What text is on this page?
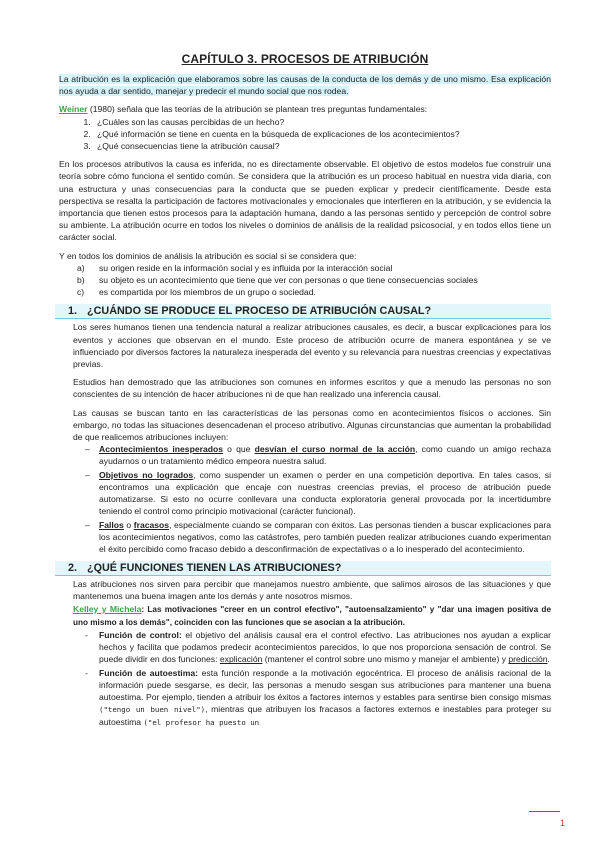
CAPÍTULO 3. PROCESOS DE ATRIBUCIÓN

La atribución es la explicación que elaboramos sobre las causas de la conducta de los demás y de uno mismo. Esa explicación nos ayuda a dar sentido, manejar y predecir el mundo social que nos rodea.

Weiner (1980) señala que las teorías de la atribución se plantean tres preguntas fundamentales:

1. ¿Cuáles son las causas percibidas de un hecho?
2. ¿Qué información se tiene en cuenta en la búsqueda de explicaciones de los acontecimientos?
3. ¿Qué consecuencias tiene la atribución causal?

En los procesos atributivos la causa es inferida, no es directamente observable. El objetivo de estos modelos fue construir una teoría sobre cómo funciona el sentido común. Se considera que la atribución es un proceso habitual en nuestra vida diaria, con una estructura y unas consecuencias para la conducta que se pueden explicar y predecir científicamente. Desde esta perspectiva se resalta la participación de factores motivacionales y emocionales que interfieren en la atribución, y se evidencia la importancia que tienen estos procesos para la adaptación humana, dando a las personas sentido y percepción de control sobre su ambiente. La atribución ocurre en todos los niveles o dominios de análisis de la realidad psicosocial, y en todos ellos tiene un carácter social.

Y en todos los dominios de análisis la atribución es social si se considera que:

a)	su origen reside en la información social y es influida por la interacción social
b)	su objeto es un acontecimiento que tiene que ver con personas o que tiene consecuencias sociales
c)	es compartida por los miembros de un grupo o sociedad.
1. ¿CUÁNDO SE PRODUCE EL PROCESO DE ATRIBUCIÓN CAUSAL?

Los seres humanos tienen una tendencia natural a realizar atribuciones causales, es decir, a buscar explicaciones para los eventos y acciones que observan en el mundo. Este proceso de atribución ocurre de manera espontánea y se ve influenciado por diversos factores la naturaleza inesperada del evento y su relevancia para nuestras creencias y expectativas previas.

Estudios han demostrado que las atribuciones son comunes en informes escritos y que a menudo las personas no son conscientes de su intención de hacer atribuciones ni de que han realizado una inferencia causal.

Las causas se buscan tanto en las características de las personas como en acontecimientos físicos o acciones. Sin embargo, no todas las situaciones desencadenan el proceso atributivo. Algunas circunstancias que aumentan la probabilidad de que realicemos atribuciones incluyen:

–	Acontecimientos inesperados o que desvían el curso normal de la acción, como cuando un amigo rechaza ayudarnos o un tratamiento médico empeora nuestra salud.
–	Objetivos no logrados, como suspender un examen o perder en una competición deportiva. En tales casos, si encontramos una explicación que encaje con nuestras creencias previas, el proceso de atribución puede automatizarse. Si esto no ocurre conllevara una conducta exploratoria general provocada por la incertidumbre teniendo el control como principio motivacional (carácter funcional).
–	Fallos o fracasos, especialmente cuando se comparan con éxitos. Las personas tienden a buscar explicaciones para los acontecimientos negativos, como las catástrofes, pero también pueden realizar atribuciones cuando experimentan el éxito percibido como fracaso debido a desconfirmación de expectativas o a lo inesperado del acontecimiento.
2. ¿QUÉ FUNCIONES TIENEN LAS ATRIBUCIONES?

Las atribuciones nos sirven para percibir que manejamos nuestro ambiente, que salimos airosos de las situaciones y que mantenemos una buena imagen ante los demás y ante nosotros mismos.

Kelley y Michela: Las motivaciones "creer en un control efectivo", "autoensalzamiento" y "dar una imagen positiva de uno mismo a los demás", coinciden con las funciones que se asocian a la atribución.

-	Función de control: el objetivo del análisis causal era el control efectivo. Las atribuciones nos ayudan a explicar hechos y facilita que podamos predecir acontecimientos parecidos, lo que nos proporciona sensación de control. Se puede dividir en dos funciones: explicación (mantener el control sobre uno mismo y manejar el ambiente) y predicción.
-	Función de autoestima: esta función responde a la motivación egocéntrica. El proceso de análisis racional de la información puede sesgarse, es decir, las personas a menudo sesgan sus atribuciones para mantener una buena autoestima. Por ejemplo, tienden a atribuir los éxitos a factores internos y estables para sentirse bien consigo mismas ("tengo un buen nivel"), mientras que atribuyen los fracasos a factores externos e inestables para proteger su autoestima ("el profesor ha puesto un
1
